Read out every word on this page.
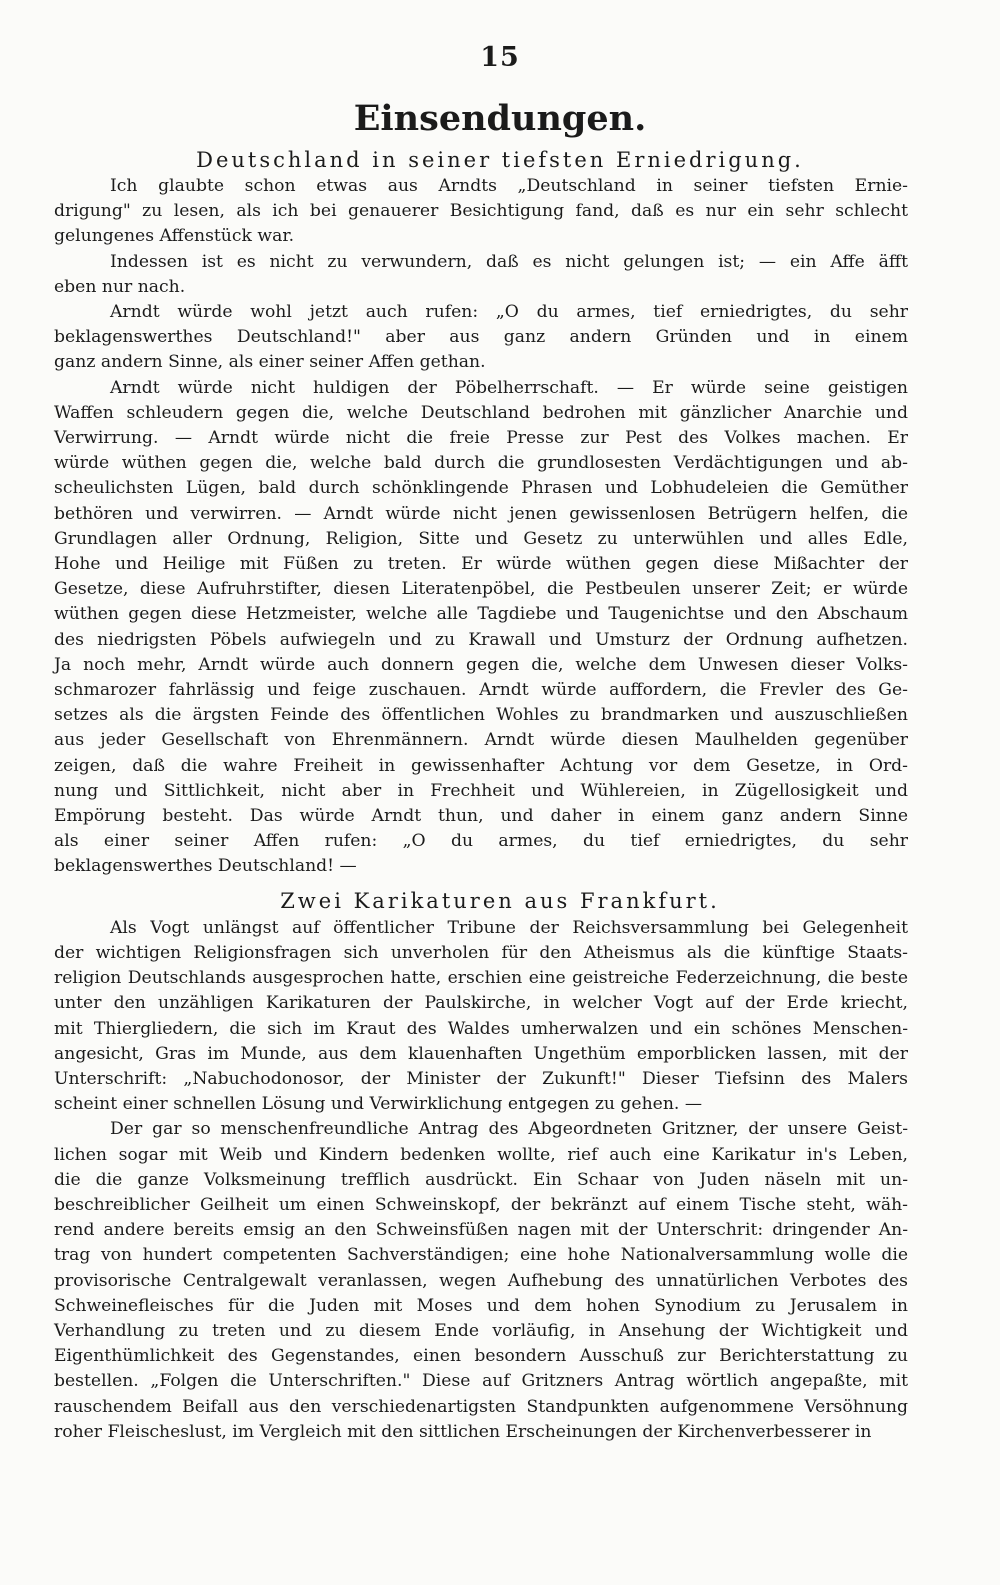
15
Einsendungen.
Deutschland in seiner tiefsten Erniedrigung.
Ich glaubte schon etwas aus Arndts „Deutschland in seiner tiefsten Ernie-
drigung" zu lesen, als ich bei genauerer Besichtigung fand, daß es nur ein sehr schlecht
gelungenes Affenstück war.
Indessen ist es nicht zu verwundern, daß es nicht gelungen ist; — ein Affe äfft
eben nur nach.
Arndt würde wohl jetzt auch rufen: „O du armes, tief erniedrigtes, du sehr
beklagenswerthes Deutschland!" aber aus ganz andern Gründen und in einem
ganz andern Sinne, als einer seiner Affen gethan.
Arndt würde nicht huldigen der Pöbelherrschaft. — Er würde seine geistigen
Waffen schleudern gegen die, welche Deutschland bedrohen mit gänzlicher Anarchie und
Verwirrung. — Arndt würde nicht die freie Presse zur Pest des Volkes machen. Er
würde wüthen gegen die, welche bald durch die grundlosesten Verdächtigungen und ab-
scheulichsten Lügen, bald durch schönklingende Phrasen und Lobhudeleien die Gemüther
bethören und verwirren. — Arndt würde nicht jenen gewissenlosen Betrügern helfen, die
Grundlagen aller Ordnung, Religion, Sitte und Gesetz zu unterwühlen und alles Edle,
Hohe und Heilige mit Füßen zu treten. Er würde wüthen gegen diese Mißachter der
Gesetze, diese Aufruhrstifter, diesen Literatenpöbel, die Pestbeulen unserer Zeit; er würde
wüthen gegen diese Hetzmeister, welche alle Tagdiebe und Taugenichtse und den Abschaum
des niedrigsten Pöbels aufwiegeln und zu Krawall und Umsturz der Ordnung aufhetzen.
Ja noch mehr, Arndt würde auch donnern gegen die, welche dem Unwesen dieser Volks-
schmarozer fahrlässig und feige zuschauen. Arndt würde auffordern, die Frevler des Ge-
setzes als die ärgsten Feinde des öffentlichen Wohles zu brandmarken und auszuschließen
aus jeder Gesellschaft von Ehrenmännern. Arndt würde diesen Maulhelden gegenüber
zeigen, daß die wahre Freiheit in gewissenhafter Achtung vor dem Gesetze, in Ord-
nung und Sittlichkeit, nicht aber in Frechheit und Wühlereien, in Zügellosigkeit und
Empörung besteht. Das würde Arndt thun, und daher in einem ganz andern Sinne
als einer seiner Affen rufen: „O du armes, du tief erniedrigtes, du sehr
beklagenswerthes Deutschland! —
Zwei Karikaturen aus Frankfurt.
Als Vogt unlängst auf öffentlicher Tribune der Reichsversammlung bei Gelegenheit
der wichtigen Religionsfragen sich unverholen für den Atheismus als die künftige Staats-
religion Deutschlands ausgesprochen hatte, erschien eine geistreiche Federzeichnung, die beste
unter den unzähligen Karikaturen der Paulskirche, in welcher Vogt auf der Erde kriecht,
mit Thiergliedern, die sich im Kraut des Waldes umherwalzen und ein schönes Menschen-
angesicht, Gras im Munde, aus dem klauenhaften Ungethüm emporblicken lassen, mit der
Unterschrift: „Nabuchodonosor, der Minister der Zukunft!" Dieser Tiefsinn des Malers
scheint einer schnellen Lösung und Verwirklichung entgegen zu gehen. —
Der gar so menschenfreundliche Antrag des Abgeordneten Gritzner, der unsere Geist-
lichen sogar mit Weib und Kindern bedenken wollte, rief auch eine Karikatur in's Leben,
die die ganze Volksmeinung trefflich ausdrückt. Ein Schaar von Juden näseln mit un-
beschreiblicher Geilheit um einen Schweinskopf, der bekränzt auf einem Tische steht, wäh-
rend andere bereits emsig an den Schweinsfüßen nagen mit der Unterschrit: dringender An-
trag von hundert competenten Sachverständigen; eine hohe Nationalversammlung wolle die
provisorische Centralgewalt veranlassen, wegen Aufhebung des unnatürlichen Verbotes des
Schweinefleisches für die Juden mit Moses und dem hohen Synodium zu Jerusalem in
Verhandlung zu treten und zu diesem Ende vorläufig, in Ansehung der Wichtigkeit und
Eigenthümlichkeit des Gegenstandes, einen besondern Ausschuß zur Berichterstattung zu
bestellen. „Folgen die Unterschriften." Diese auf Gritzners Antrag wörtlich angepaßte, mit
rauschendem Beifall aus den verschiedenartigsten Standpunkten aufgenommene Versöhnung
roher Fleischeslust, im Vergleich mit den sittlichen Erscheinungen der Kirchenverbesserer in
